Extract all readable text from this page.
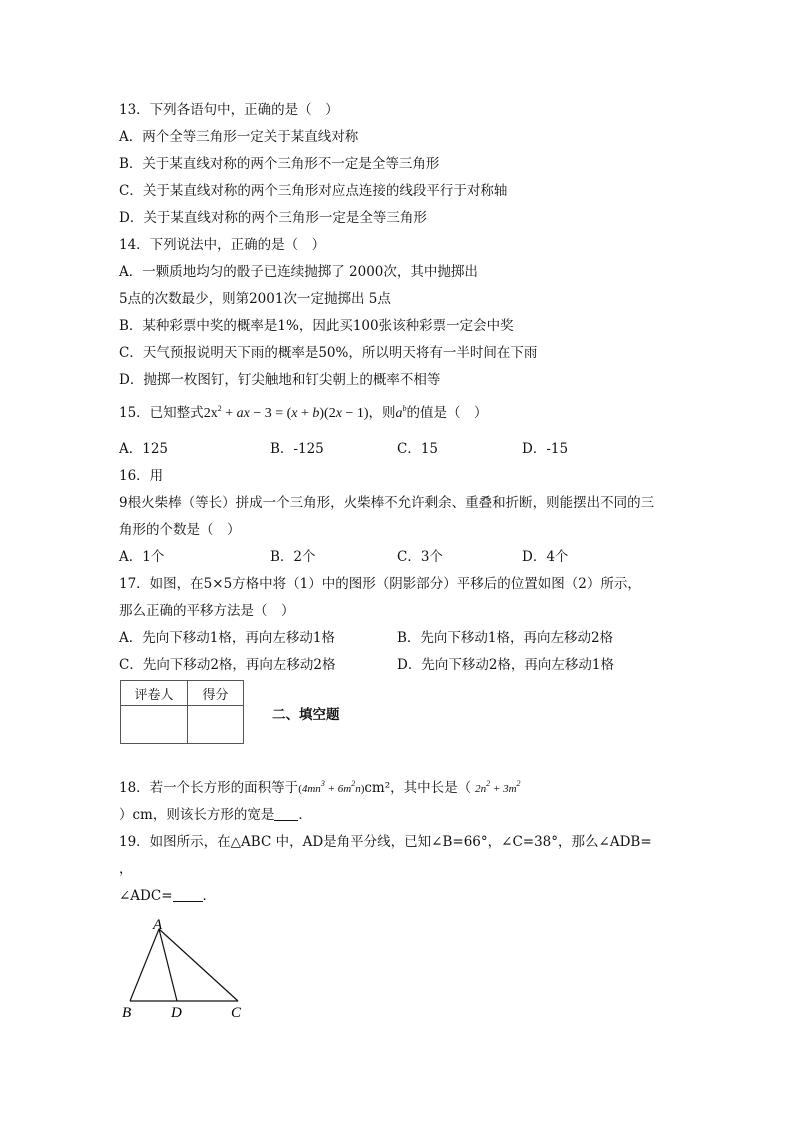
13．下列各语句中，正确的是（　）
A．两个全等三角形一定关于某直线对称
B．关于某直线对称的两个三角形不一定是全等三角形
C．关于某直线对称的两个三角形对应点连接的线段平行于对称轴
D．关于某直线对称的两个三角形一定是全等三角形
14．下列说法中，正确的是（　）
A．一颗质地均匀的骰子已连续抛掷了 2000次，其中抛掷出
5点的次数最少，则第2001次一定抛掷出 5点
B．某种彩票中奖的概率是1%，因此买100张该种彩票一定会中奖
C．天气预报说明天下雨的概率是50%，所以明天将有一半时间在下雨
D．抛掷一枚图钉，钉尖触地和钉尖朝上的概率不相等
15．已知整式$2x^2$ + ax − 3 = (x + b)(2x − 1)，则$a^b$的值是（　）
A．125	B．-125	C．15	D．-15
16．用
9根火柴棒（等长）拼成一个三角形，火柴棒不允许剩余、重叠和折断，则能摆出不同的三
角形的个数是（　）
A．1个	B．2个	C．3个	D．4个
17．如图，在5×5方格中将（1）中的图形（阴影部分）平移后的位置如图（2）所示，
那么正确的平移方法是（　）
A．先向下移动1格，再向左移动1格	B．先向下移动1格，再向左移动2格
C．先向下移动2格，再向左移动2格	D．先向下移动2格，再向左移动1格
评卷人	得分

二、填空题
18．若一个长方形的面积等于$(4mn^3 + 6m^2n)cm^2$，其中长是（ $2n^2 + 3m^2$
）cm，则该长方形的宽是 ．
19．如图所示，在△ABC 中，AD是角平分线，已知∠B=66°，∠C=38°，那么∠ADB=
，
∠ADC= ．
A
B	D	C
